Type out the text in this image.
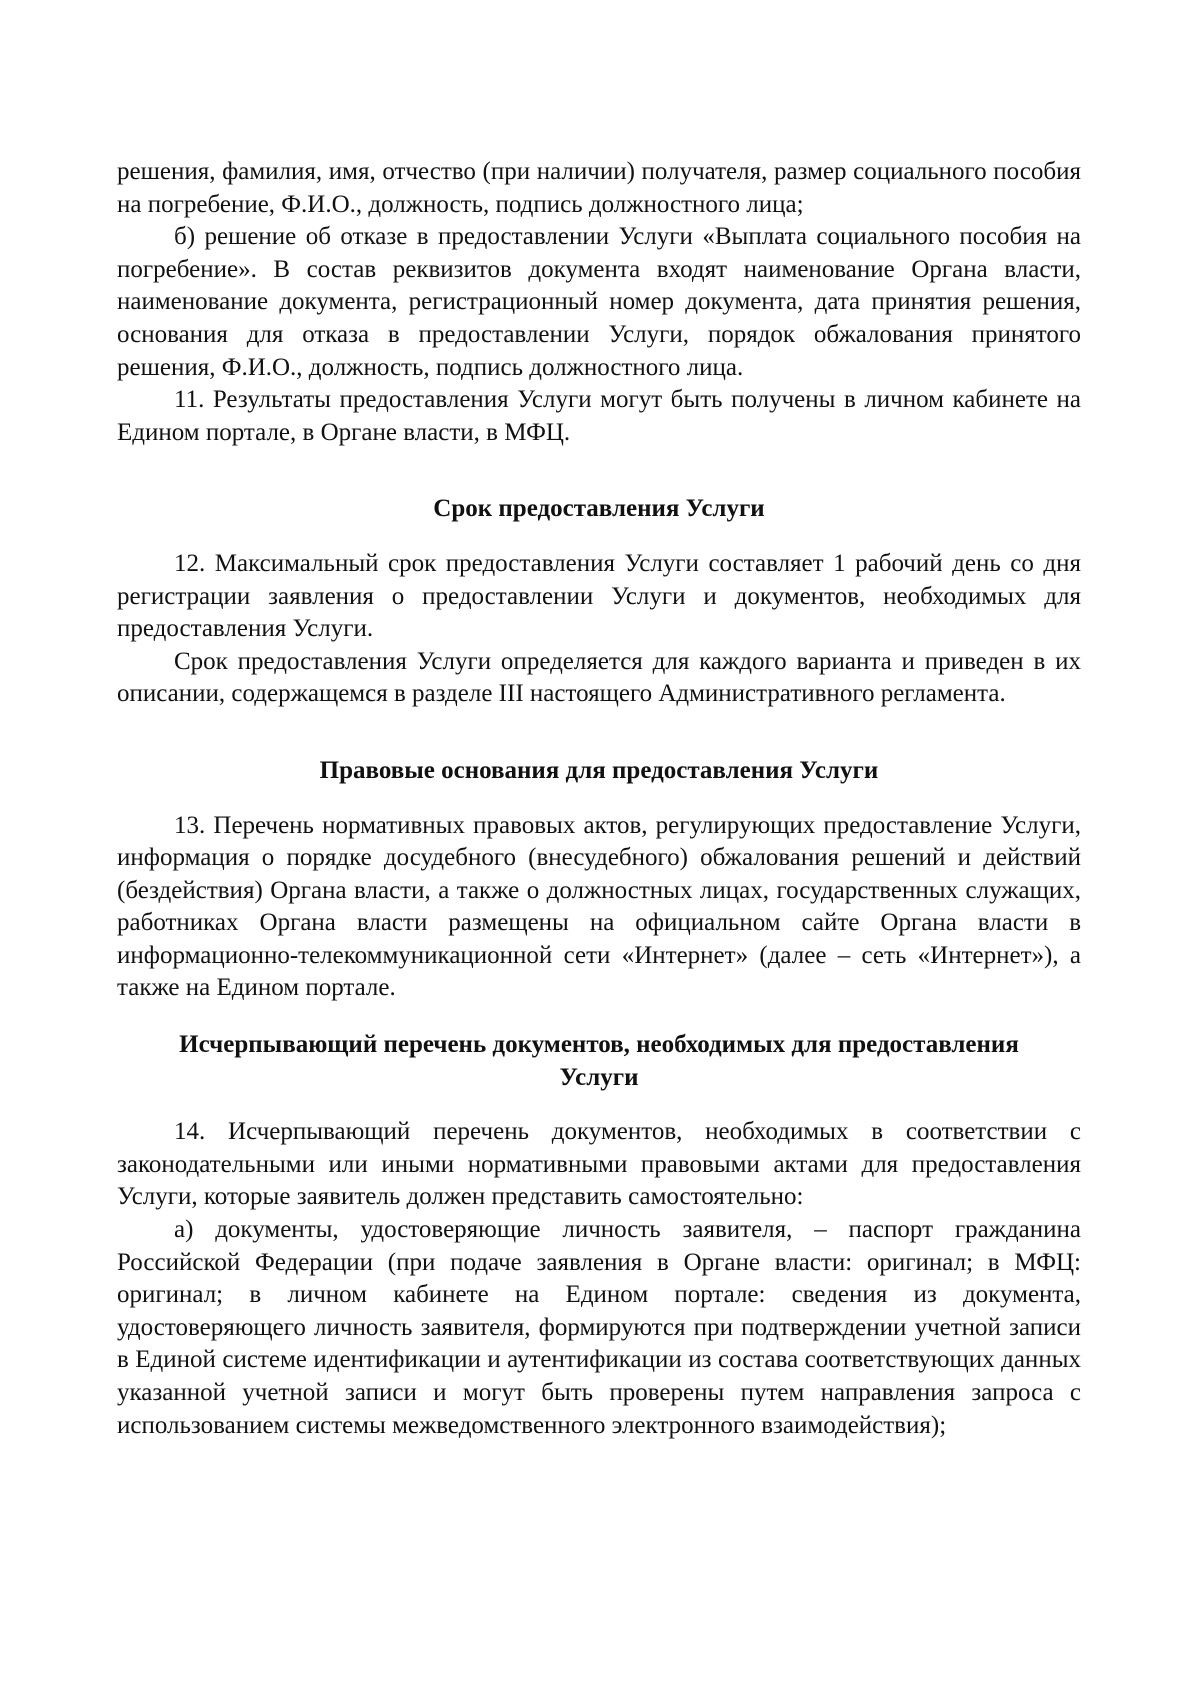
решения, фамилия, имя, отчество (при наличии) получателя, размер социального пособия на погребение, Ф.И.О., должность, подпись должностного лица;

б) решение об отказе в предоставлении Услуги «Выплата социального пособия на погребение». В состав реквизитов документа входят наименование Органа власти, наименование документа, регистрационный номер документа, дата принятия решения, основания для отказа в предоставлении Услуги, порядок обжалования принятого решения, Ф.И.О., должность, подпись должностного лица.

11. Результаты предоставления Услуги могут быть получены в личном кабинете на Едином портале, в Органе власти, в МФЦ.

Срок предоставления Услуги

12. Максимальный срок предоставления Услуги составляет 1 рабочий день со дня регистрации заявления о предоставлении Услуги и документов, необходимых для предоставления Услуги.

Срок предоставления Услуги определяется для каждого варианта и приведен в их описании, содержащемся в разделе III настоящего Административного регламента.

Правовые основания для предоставления Услуги

13. Перечень нормативных правовых актов, регулирующих предоставление Услуги, информация о порядке досудебного (внесудебного) обжалования решений и действий (бездействия) Органа власти, а также о должностных лицах, государственных служащих, работниках Органа власти размещены на официальном сайте Органа власти в информационно-телекоммуникационной сети «Интернет» (далее – сеть «Интернет»), а также на Едином портале.

Исчерпывающий перечень документов, необходимых для предоставления

Услуги

14. Исчерпывающий перечень документов, необходимых в соответствии с законодательными или иными нормативными правовыми актами для предоставления Услуги, которые заявитель должен представить самостоятельно:

а) документы, удостоверяющие личность заявителя, – паспорт гражданина Российской Федерации (при подаче заявления в Органе власти: оригинал; в МФЦ: оригинал; в личном кабинете на Едином портале: сведения из документа, удостоверяющего личность заявителя, формируются при подтверждении учетной записи в Единой системе идентификации и аутентификации из состава соответствующих данных указанной учетной записи и могут быть проверены путем направления запроса с использованием системы межведомственного электронного взаимодействия);
